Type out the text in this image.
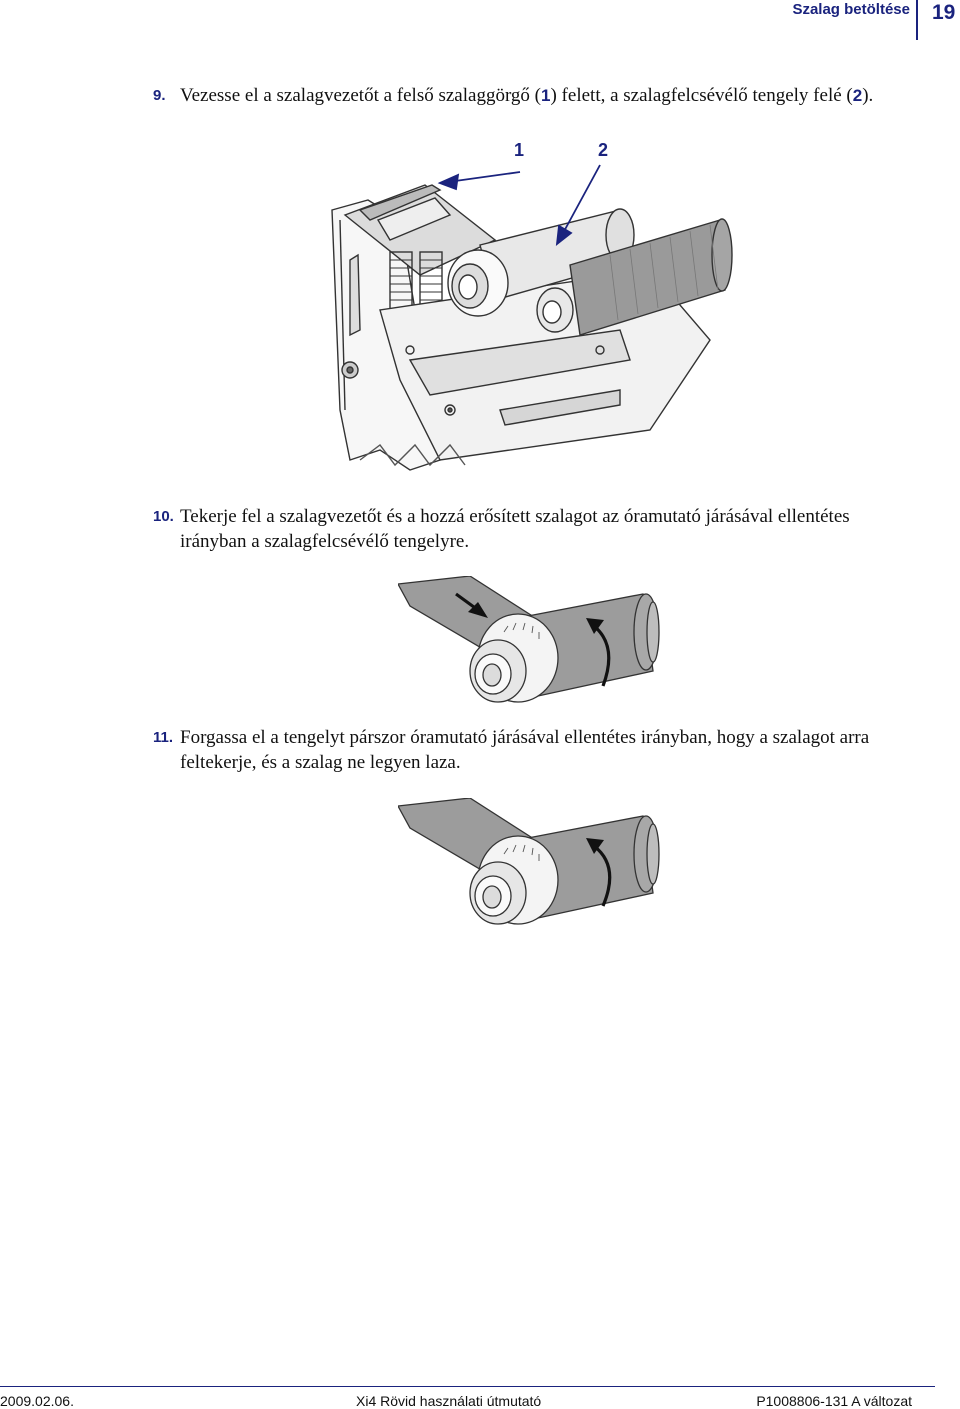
Szalag betöltése 19
9. Vezesse el a szalagvezetőt a felső szalaggörgő (1) felett, a szalagfelcsévélő tengely felé (2).
1	2
10. Tekerje fel a szalagvezetőt és a hozzá erősített szalagot az óramutató járásával ellentétes irányban a szalagfelcsévélő tengelyre.
11. Forgassa el a tengelyt párszor óramutató járásával ellentétes irányban, hogy a szalagot arra feltekerje, és a szalag ne legyen laza.
2009.02.06.	Xi4 Rövid használati útmutató	P1008806-131 A változat
